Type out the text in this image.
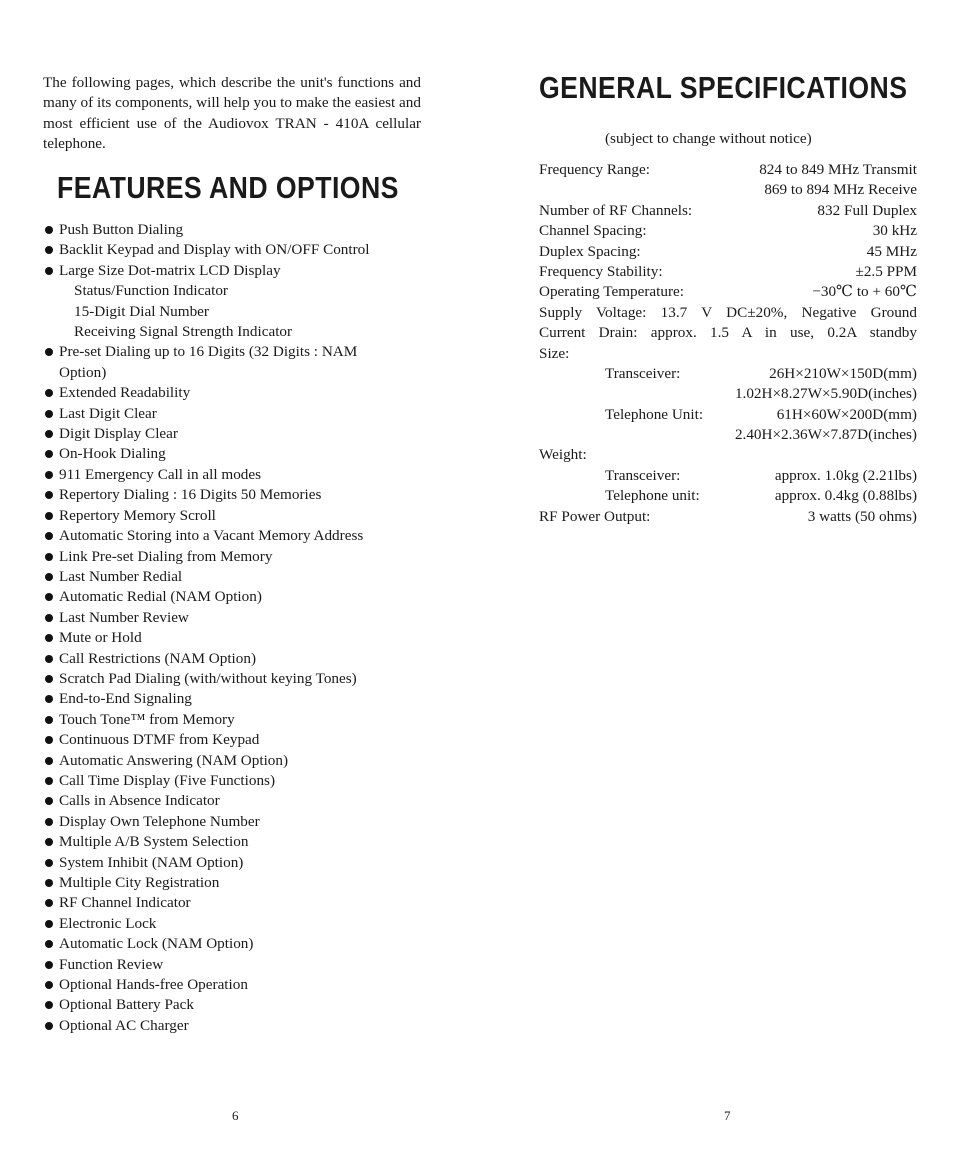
The following pages, which describe the unit's functions and many of its components, will help you to make the easiest and most efficient use of the Audiovox TRAN - 410A cellular telephone.

FEATURES AND OPTIONS
Push Button Dialing
Backlit Keypad and Display with ON/OFF Control
Large Size Dot-matrix LCD Display
Status/Function Indicator
15-Digit Dial Number
Receiving Signal Strength Indicator
Pre-set Dialing up to 16 Digits (32 Digits : NAM
Option)
Extended Readability
Last Digit Clear
Digit Display Clear
On-Hook Dialing
911 Emergency Call in all modes
Repertory Dialing : 16 Digits 50 Memories
Repertory Memory Scroll
Automatic Storing into a Vacant Memory Address
Link Pre-set Dialing from Memory
Last Number Redial
Automatic Redial (NAM Option)
Last Number Review
Mute or Hold
Call Restrictions (NAM Option)
Scratch Pad Dialing (with/without keying Tones)
End-to-End Signaling
Touch Tone™ from Memory
Continuous DTMF from Keypad
Automatic Answering (NAM Option)
Call Time Display (Five Functions)
Calls in Absence Indicator
Display Own Telephone Number
Multiple A/B System Selection
System Inhibit (NAM Option)
Multiple City Registration
RF Channel Indicator
Electronic Lock
Automatic Lock (NAM Option)
Function Review
Optional Hands-free Operation
Optional Battery Pack
Optional AC Charger
6
GENERAL SPECIFICATIONS
(subject to change without notice)
Frequency Range:	824 to 849 MHz Transmit
869 to 894 MHz Receive
Number of RF Channels:	832 Full Duplex
Channel Spacing:	30 kHz
Duplex Spacing:	45 MHz
Frequency Stability:	±2.5 PPM
Operating Temperature:	−30℃ to + 60℃
Supply Voltage: 13.7 V DC±20%, Negative Ground
Current Drain: approx. 1.5 A in use, 0.2A standby
Size:
Transceiver:	26H×210W×150D(mm)
1.02H×8.27W×5.90D(inches)
Telephone Unit:	61H×60W×200D(mm)
2.40H×2.36W×7.87D(inches)
Weight:
Transceiver:	approx. 1.0kg (2.21lbs)
Telephone unit:	approx. 0.4kg (0.88lbs)
RF Power Output:	3 watts (50 ohms)
7
